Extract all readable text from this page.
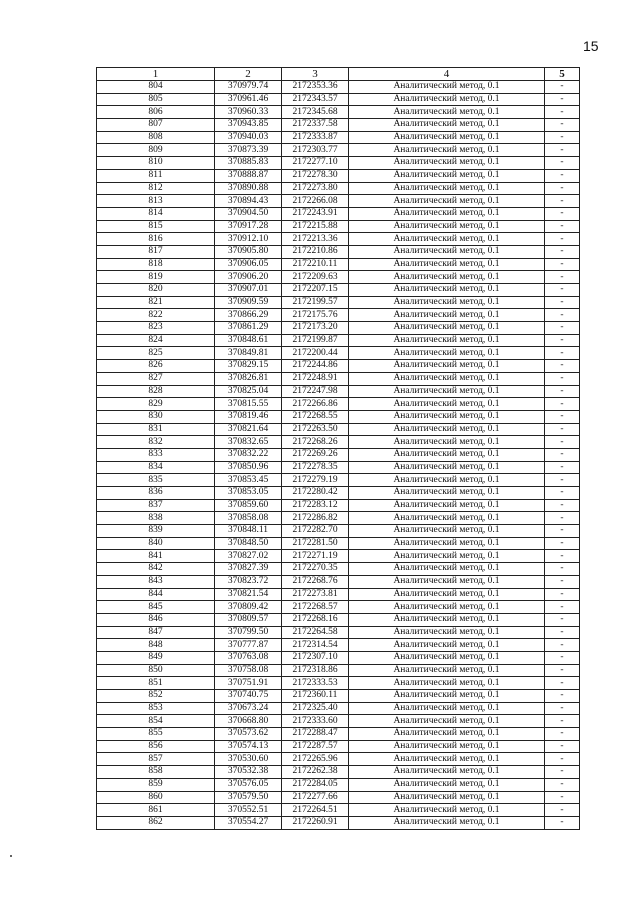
15
1	2	3	4	5
804	370979.74	2172353.36	Аналитический метод, 0.1	-
805	370961.46	2172343.57	Аналитический метод, 0.1	-
806	370960.33	2172345.68	Аналитический метод, 0.1	-
807	370943.85	2172337.58	Аналитический метод, 0.1	-
808	370940.03	2172333.87	Аналитический метод, 0.1	-
809	370873.39	2172303.77	Аналитический метод, 0.1	-
810	370885.83	2172277.10	Аналитический метод, 0.1	-
811	370888.87	2172278.30	Аналитический метод, 0.1	-
812	370890.88	2172273.80	Аналитический метод, 0.1	-
813	370894.43	2172266.08	Аналитический метод, 0.1	-
814	370904.50	2172243.91	Аналитический метод, 0.1	-
815	370917.28	2172215.88	Аналитический метод, 0.1	-
816	370912.10	2172213.36	Аналитический метод, 0.1	-
817	370905.80	2172210.86	Аналитический метод, 0.1	-
818	370906.05	2172210.11	Аналитический метод, 0.1	-
819	370906.20	2172209.63	Аналитический метод, 0.1	-
820	370907.01	2172207.15	Аналитический метод, 0.1	-
821	370909.59	2172199.57	Аналитический метод, 0.1	-
822	370866.29	2172175.76	Аналитический метод, 0.1	-
823	370861.29	2172173.20	Аналитический метод, 0.1	-
824	370848.61	2172199.87	Аналитический метод, 0.1	-
825	370849.81	2172200.44	Аналитический метод, 0.1	-
826	370829.15	2172244.86	Аналитический метод, 0.1	-
827	370826.81	2172248.91	Аналитический метод, 0.1	-
828	370825.04	2172247.98	Аналитический метод, 0.1	-
829	370815.55	2172266.86	Аналитический метод, 0.1	-
830	370819.46	2172268.55	Аналитический метод, 0.1	-
831	370821.64	2172263.50	Аналитический метод, 0.1	-
832	370832.65	2172268.26	Аналитический метод, 0.1	-
833	370832.22	2172269.26	Аналитический метод, 0.1	-
834	370850.96	2172278.35	Аналитический метод, 0.1	-
835	370853.45	2172279.19	Аналитический метод, 0.1	-
836	370853.05	2172280.42	Аналитический метод, 0.1	-
837	370859.60	2172283.12	Аналитический метод, 0.1	-
838	370858.08	2172286.82	Аналитический метод, 0.1	-
839	370848.11	2172282.70	Аналитический метод, 0.1	-
840	370848.50	2172281.50	Аналитический метод, 0.1	-
841	370827.02	2172271.19	Аналитический метод, 0.1	-
842	370827.39	2172270.35	Аналитический метод, 0.1	-
843	370823.72	2172268.76	Аналитический метод, 0.1	-
844	370821.54	2172273.81	Аналитический метод, 0.1	-
845	370809.42	2172268.57	Аналитический метод, 0.1	-
846	370809.57	2172268.16	Аналитический метод, 0.1	-
847	370799.50	2172264.58	Аналитический метод, 0.1	-
848	370777.87	2172314.54	Аналитический метод, 0.1	-
849	370763.08	2172307.10	Аналитический метод, 0.1	-
850	370758.08	2172318.86	Аналитический метод, 0.1	-
851	370751.91	2172333.53	Аналитический метод, 0.1	-
852	370740.75	2172360.11	Аналитический метод, 0.1	-
853	370673.24	2172325.40	Аналитический метод, 0.1	-
854	370668.80	2172333.60	Аналитический метод, 0.1	-
855	370573.62	2172288.47	Аналитический метод, 0.1	-
856	370574.13	2172287.57	Аналитический метод, 0.1	-
857	370530.60	2172265.96	Аналитический метод, 0.1	-
858	370532.38	2172262.38	Аналитический метод, 0.1	-
859	370576.05	2172284.05	Аналитический метод, 0.1	-
860	370579.50	2172277.66	Аналитический метод, 0.1	-
861	370552.51	2172264.51	Аналитический метод, 0.1	-
862	370554.27	2172260.91	Аналитический метод, 0.1	-
